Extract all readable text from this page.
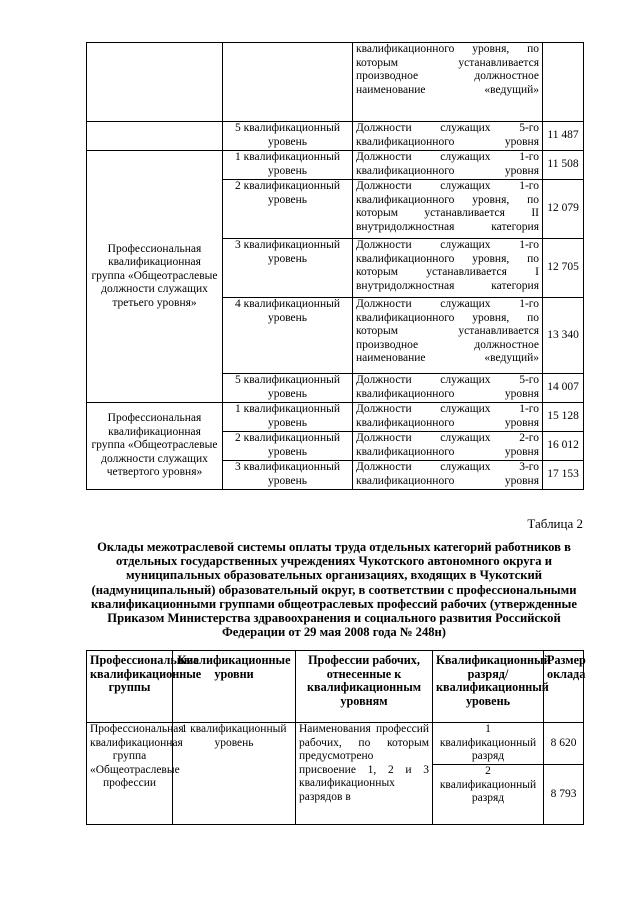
		квалификационного уровня, по которым устанавливается производное должностное наименование «ведущий»	
	5 квалификационный уровень	Должности служащих 5-го квалификационного уровня	11 487
Профессиональная квалификационная группа «Общеотраслевые должности служащих третьего уровня»	1 квалификационный уровень	Должности служащих 1-го квалификационного уровня	11 508
	2 квалификационный уровень	Должности служащих 1-го квалификационного уровня, по которым устанавливается II внутридолжностная категория	12 079
	3 квалификационный уровень	Должности служащих 1-го квалификационного уровня, по которым устанавливается I внутридолжностная категория	12 705
	4 квалификационный уровень	Должности служащих 1-го квалификационного уровня, по которым устанавливается производное должностное наименование «ведущий»	13 340
	5 квалификационный уровень	Должности служащих 5-го квалификационного уровня	14 007
Профессиональная квалификационная группа «Общеотраслевые должности служащих четвертого уровня»	1 квалификационный уровень	Должности служащих 1-го квалификационного уровня	15 128
	2 квалификационный уровень	Должности служащих 2-го квалификационного уровня	16 012
	3 квалификационный уровень	Должности служащих 3-го квалификационного уровня	17 153
Таблица 2
Оклады межотраслевой системы оплаты труда отдельных категорий работников в отдельных государственных учреждениях Чукотского автономного округа и муниципальных образовательных организациях, входящих в Чукотский (надмуниципальный) образовательный округ, в соответствии с профессиональными квалификационными группами общеотраслевых профессий рабочих (утвержденные Приказом Министерства здравоохранения и социального развития Российской Федерации от 29 мая 2008 года № 248н)
Профессиональные квалификационные группы	Квалификационные уровни	Профессии рабочих, отнесенные к квалификационным уровням	Квалификационный разряд/квалификационный уровень	Размер оклада
Профессиональная квалификационная группа «Общеотраслевые профессии	1 квалификационный уровень	Наименования профессий рабочих, по которым предусмотрено присвоение 1, 2 и 3 квалификационных разрядов в	1 квалификационный разряд	8 620
			2 квалификационный разряд	8 793
